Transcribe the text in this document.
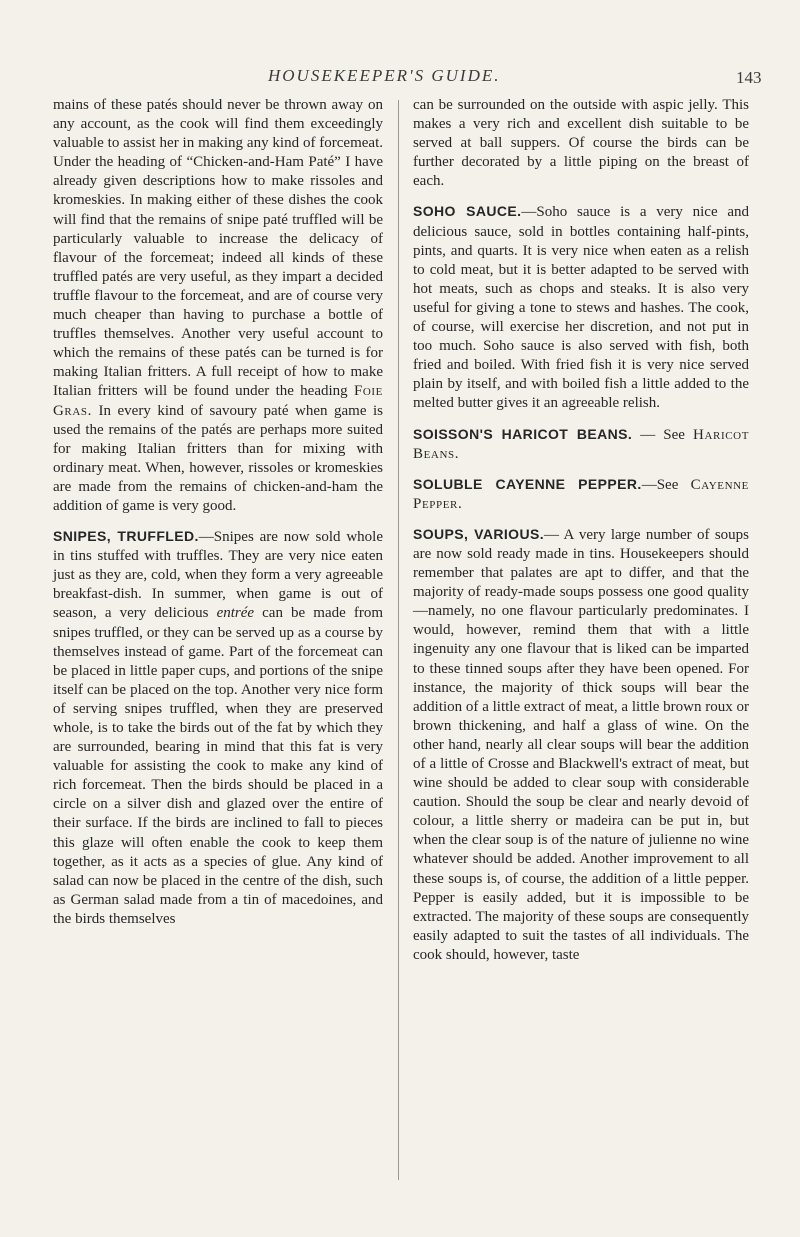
HOUSEKEEPER'S GUIDE.	143

mains of these patés should never be thrown away on any account, as the cook will find them exceedingly valuable to assist her in making any kind of forcemeat. Under the heading of “Chicken-and-Ham Paté” I have already given descriptions how to make rissoles and kromeskies. In making either of these dishes the cook will find that the remains of snipe paté truffled will be particularly valuable to increase the delicacy of flavour of the forcemeat; indeed all kinds of these truffled patés are very useful, as they impart a decided truffle flavour to the forcemeat, and are of course very much cheaper than having to purchase a bottle of truffles themselves. Another very useful account to which the remains of these patés can be turned is for making Italian fritters. A full receipt of how to make Italian fritters will be found under the heading Foie Gras. In every kind of savoury paté when game is used the remains of the patés are perhaps more suited for making Italian fritters than for mixing with ordinary meat. When, however, rissoles or kromeskies are made from the remains of chicken-and-ham the addition of game is very good.

SNIPES, TRUFFLED.—Snipes are now sold whole in tins stuffed with truffles. They are very nice eaten just as they are, cold, when they form a very agreeable breakfast-dish. In summer, when game is out of season, a very delicious entrée can be made from snipes truffled, or they can be served up as a course by themselves instead of game. Part of the forcemeat can be placed in little paper cups, and portions of the snipe itself can be placed on the top. Another very nice form of serving snipes truffled, when they are preserved whole, is to take the birds out of the fat by which they are surrounded, bearing in mind that this fat is very valuable for assisting the cook to make any kind of rich forcemeat. Then the birds should be placed in a circle on a silver dish and glazed over the entire of their surface. If the birds are inclined to fall to pieces this glaze will often enable the cook to keep them together, as it acts as a species of glue. Any kind of salad can now be placed in the centre of the dish, such as German salad made from a tin of macedoines, and the birds themselves

can be surrounded on the outside with aspic jelly. This makes a very rich and excellent dish suitable to be served at ball suppers. Of course the birds can be further decorated by a little piping on the breast of each.

SOHO SAUCE.—Soho sauce is a very nice and delicious sauce, sold in bottles containing half-pints, pints, and quarts. It is very nice when eaten as a relish to cold meat, but it is better adapted to be served with hot meats, such as chops and steaks. It is also very useful for giving a tone to stews and hashes. The cook, of course, will exercise her discretion, and not put in too much. Soho sauce is also served with fish, both fried and boiled. With fried fish it is very nice served plain by itself, and with boiled fish a little added to the melted butter gives it an agreeable relish.

SOISSON'S HARICOT BEANS. — See Haricot Beans.

SOLUBLE CAYENNE PEPPER.—See Cayenne Pepper.

SOUPS, VARIOUS.— A very large number of soups are now sold ready made in tins. Housekeepers should remember that palates are apt to differ, and that the majority of ready-made soups possess one good quality—namely, no one flavour particularly predominates. I would, however, remind them that with a little ingenuity any one flavour that is liked can be imparted to these tinned soups after they have been opened. For instance, the majority of thick soups will bear the addition of a little extract of meat, a little brown roux or brown thickening, and half a glass of wine. On the other hand, nearly all clear soups will bear the addition of a little of Crosse and Blackwell's extract of meat, but wine should be added to clear soup with considerable caution. Should the soup be clear and nearly devoid of colour, a little sherry or madeira can be put in, but when the clear soup is of the nature of julienne no wine whatever should be added. Another improvement to all these soups is, of course, the addition of a little pepper. Pepper is easily added, but it is impossible to be extracted. The majority of these soups are consequently easily adapted to suit the tastes of all individuals. The cook should, however, taste
